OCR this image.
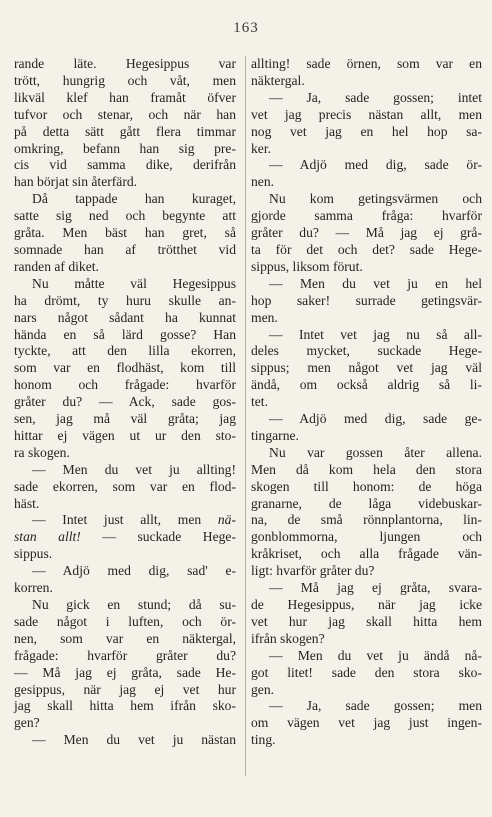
163
rande läte. Hegesippus var
trött, hungrig och våt, men
likväl klef han framåt öfver
tufvor och stenar, och när han
på detta sätt gått flera timmar
omkring, befann han sig pre-
cis vid samma dike, derifrån
han börjat sin återfärd.
Då tappade han kuraget,
satte sig ned och begynte att
gråta. Men bäst han gret, så
somnade han af trötthet vid
randen af diket.
Nu måtte väl Hegesippus
ha drömt, ty huru skulle an-
nars något sådant ha kunnat
hända en så lärd gosse? Han
tyckte, att den lilla ekorren,
som var en flodhäst, kom till
honom och frågade: hvarför
gråter du? — Ack, sade gos-
sen, jag må väl gråta; jag
hittar ej vägen ut ur den sto-
ra skogen.
— Men du vet ju allting!
sade ekorren, som var en flod-
häst.
— Intet just allt, men nä-
stan allt! — suckade Hege-
sippus.
— Adjö med dig, sad' e-
korren.
Nu gick en stund; då su-
sade något i luften, och ör-
nen, som var en näktergal,
frågade: hvarför gråter du?
— Må jag ej gråta, sade He-
gesippus, när jag ej vet hur
jag skall hitta hem ifrån sko-
gen?
— Men du vet ju nästan
allting! sade örnen, som var en
näktergal.
— Ja, sade gossen; intet
vet jag precis nästan allt, men
nog vet jag en hel hop sa-
ker.
— Adjö med dig, sade ör-
nen.
Nu kom getingsvärmen och
gjorde samma fråga: hvarför
gråter du? — Må jag ej grå-
ta för det och det? sade Hege-
sippus, liksom förut.
— Men du vet ju en hel
hop saker! surrade getingsvär-
men.
— Intet vet jag nu så all-
deles mycket, suckade Hege-
sippus; men något vet jag väl
ändå, om också aldrig så li-
tet.
— Adjö med dig, sade ge-
tingarne.
Nu var gossen åter allena.
Men då kom hela den stora
skogen till honom: de höga
granarne, de låga videbuskar-
na, de små rönnplantorna, lin-
gonblommorna, ljungen och
kråkriset, och alla frågade vän-
ligt: hvarför gråter du?
— Må jag ej gråta, svara-
de Hegesippus, när jag icke
vet hur jag skall hitta hem
ifrån skogen?
— Men du vet ju ändå nå-
got litet! sade den stora sko-
gen.
— Ja, sade gossen; men
om vägen vet jag just ingen-
ting.
